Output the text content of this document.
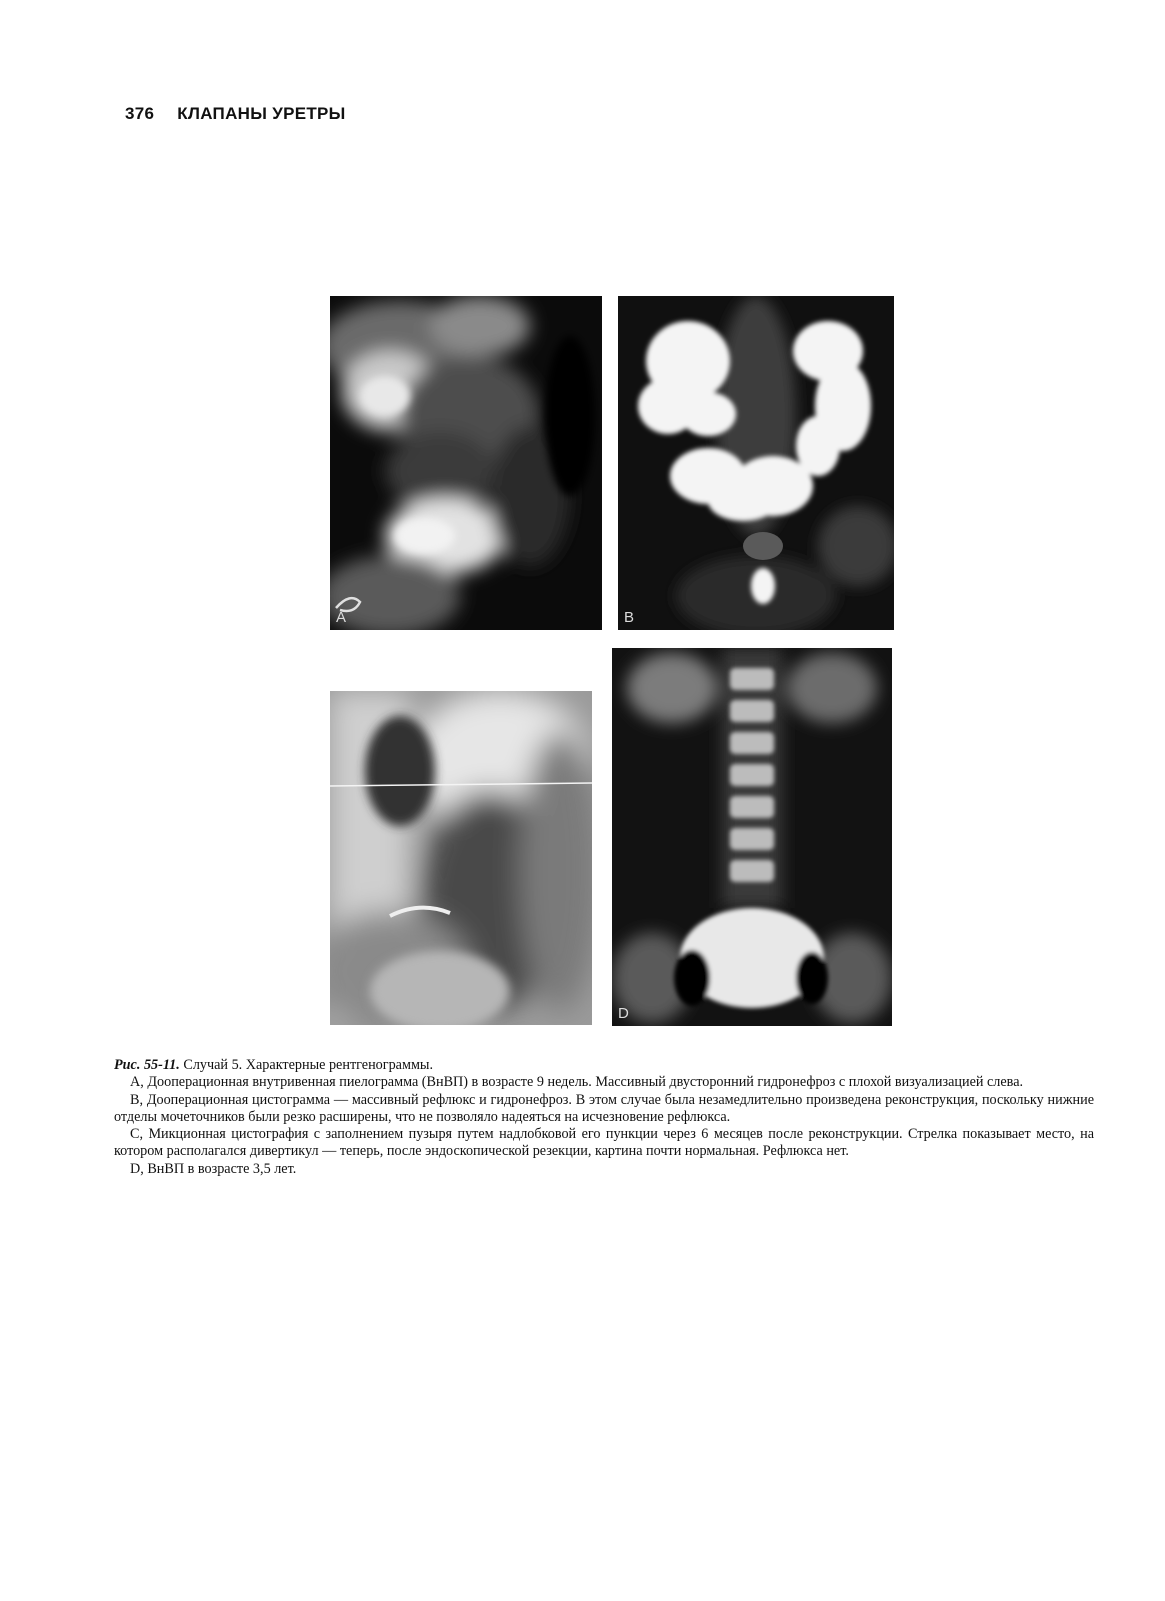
376 КЛАПАНЫ УРЕТРЫ
A	B
D

Рис. 55-11. Случай 5. Характерные рентгенограммы.

A, Дооперационная внутривенная пиелограмма (ВнВП) в возрасте 9 недель. Массивный двусторонний гидронефроз с плохой визуализацией слева.

B, Дооперационная цистограмма — массивный рефлюкс и гидронефроз. В этом случае была незамедлительно произведена реконструкция, поскольку нижние отделы мочеточников были резко расширены, что не позволяло надеяться на исчезновение рефлюкса.

C, Микционная цистография с заполнением пузыря путем надлобковой его пункции через 6 месяцев после реконструкции. Стрелка показывает место, на котором располагался дивертикул — теперь, после эндоскопической резекции, картина почти нормальная. Рефлюкса нет.

D, ВнВП в возрасте 3,5 лет.
